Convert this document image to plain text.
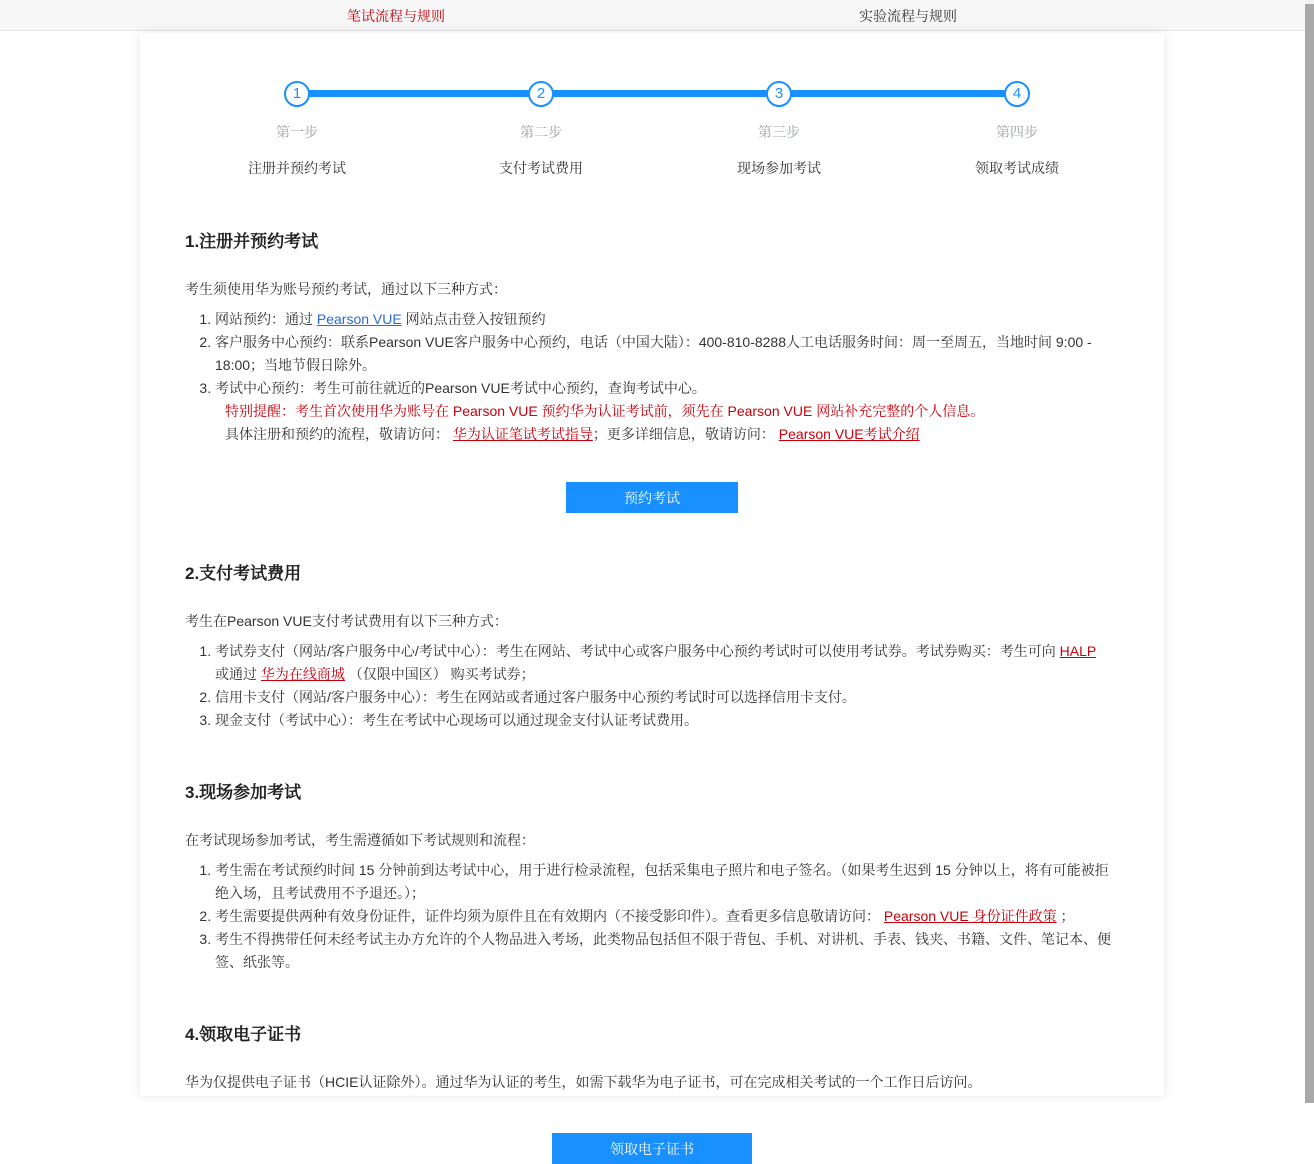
笔试流程与规则	实验流程与规则
1
第一步
注册并预约考试
2
第二步
支付考试费用
3
第三步
现场参加考试
4
第四步
领取考试成绩
1.注册并预约考试

考生须使用华为账号预约考试，通过以下三种方式：

1. 网站预约：通过 Pearson VUE 网站点击登入按钮预约
2. 客户服务中心预约：联系Pearson VUE客户服务中心预约，电话（中国大陆）：400-810-8288人工电话服务时间：周一至周五，当地时间 9:00 - 18:00；当地节假日除外。
3. 考试中心预约：考生可前往就近的Pearson VUE考试中心预约，查询考试中心。
特别提醒：考生首次使用华为账号在 Pearson VUE 预约华为认证考试前，须先在 Pearson VUE 网站补充完整的个人信息。
具体注册和预约的流程，敬请访问： 华为认证笔试考试指导；更多详细信息，敬请访问： Pearson VUE考试介绍
预约考试
2.支付考试费用

考生在Pearson VUE支付考试费用有以下三种方式：

1. 考试券支付（网站/客户服务中心/考试中心）：考生在网站、考试中心或客户服务中心预约考试时可以使用考试券。考试券购买：考生可向 HALP 或通过 华为在线商城 （仅限中国区） 购买考试券；
2. 信用卡支付（网站/客户服务中心）：考生在网站或者通过客户服务中心预约考试时可以选择信用卡支付。
3. 现金支付（考试中心）：考生在考试中心现场可以通过现金支付认证考试费用。
3.现场参加考试

在考试现场参加考试，考生需遵循如下考试规则和流程：

1. 考生需在考试预约时间 15 分钟前到达考试中心，用于进行检录流程，包括采集电子照片和电子签名。（如果考生迟到 15 分钟以上，将有可能被拒绝入场，且考试费用不予退还。）；
2. 考生需要提供两种有效身份证件，证件均须为原件且在有效期内（不接受影印件）。查看更多信息敬请访问： Pearson VUE 身份证件政策 ；
3. 考生不得携带任何未经考试主办方允许的个人物品进入考场，此类物品包括但不限于背包、手机、对讲机、手表、钱夹、书籍、文件、笔记本、便签、纸张等。
4.领取电子证书

华为仅提供电子证书（HCIE认证除外）。通过华为认证的考生，如需下载华为电子证书，可在完成相关考试的一个工作日后访问。

领取电子证书
